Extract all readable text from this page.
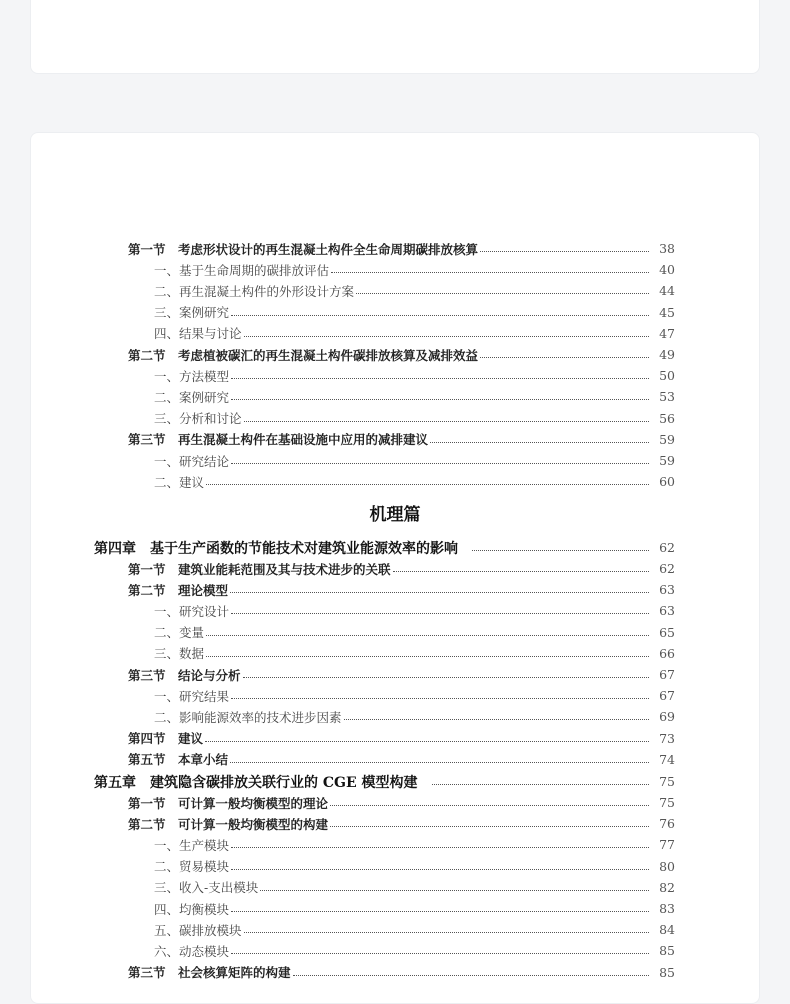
第一节　考虑形状设计的再生混凝土构件全生命周期碳排放核算	38
一、基于生命周期的碳排放评估	40
二、再生混凝土构件的外形设计方案	44
三、案例研究	45
四、结果与讨论	47
第二节　考虑植被碳汇的再生混凝土构件碳排放核算及减排效益	49
一、方法模型	50
二、案例研究	53
三、分析和讨论	56
第三节　再生混凝土构件在基础设施中应用的减排建议	59
一、研究结论	59
二、建议	60
第四章　基于生产函数的节能技术对建筑业能源效率的影响	62
第一节　建筑业能耗范围及其与技术进步的关联	62
第二节　理论模型	63
一、研究设计	63
二、变量	65
三、数据	66
第三节　结论与分析	67
一、研究结果	67
二、影响能源效率的技术进步因素	69
第四节　建议	73
第五节　本章小结	74
第五章　建筑隐含碳排放关联行业的 CGE 模型构建	75
第一节　可计算一般均衡模型的理论	75
第二节　可计算一般均衡模型的构建	76
一、生产模块	77
二、贸易模块	80
三、收入-支出模块	82
四、均衡模块	83
五、碳排放模块	84
六、动态模块	85
第三节　社会核算矩阵的构建	85
机理篇
